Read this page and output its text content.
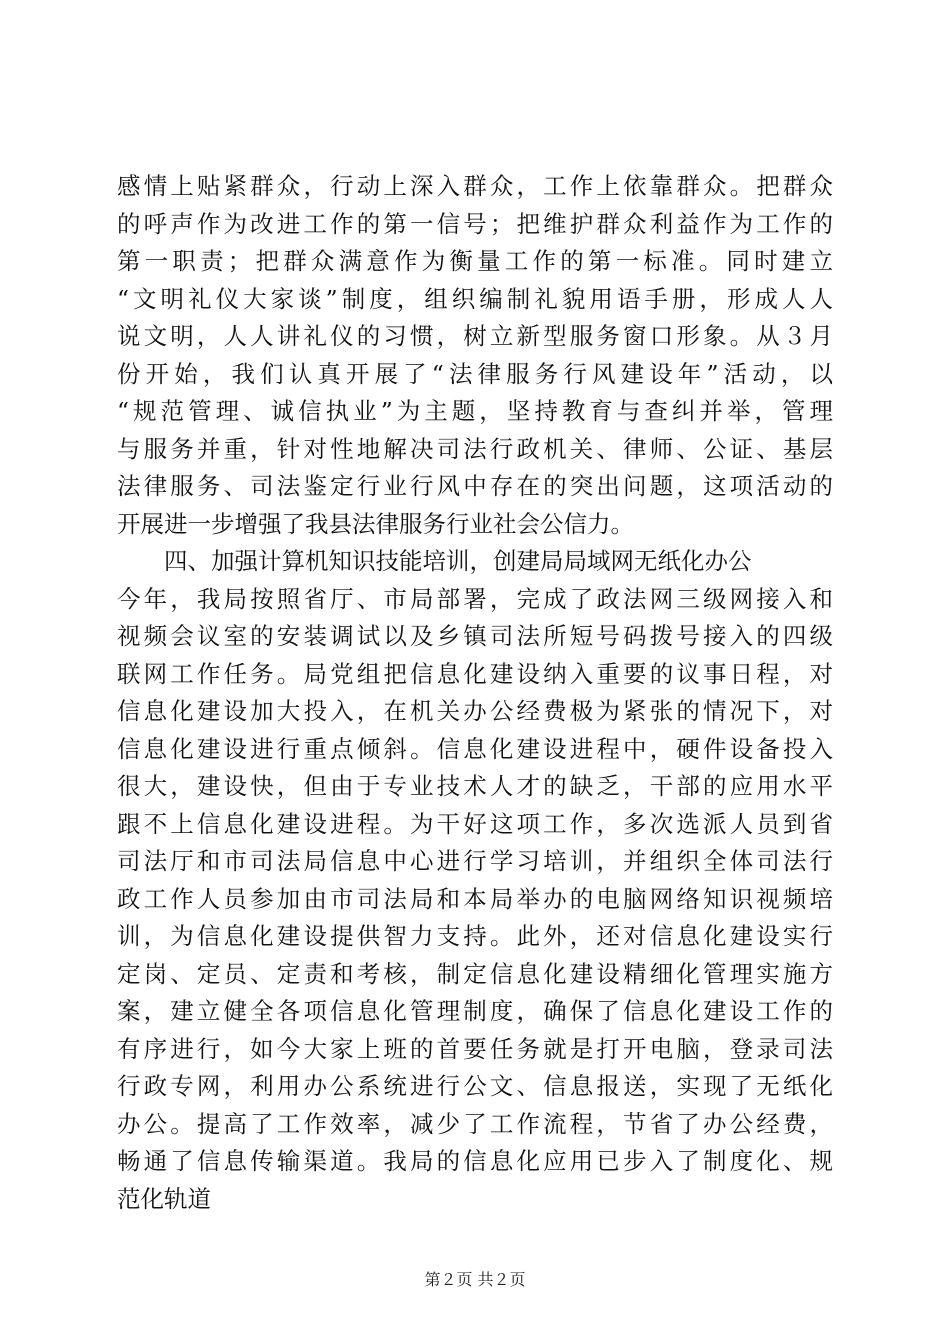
感情上贴紧群众，行动上深入群众，工作上依靠群众。把群众
的呼声作为改进工作的第一信号；把维护群众利益作为工作的
第一职责；把群众满意作为衡量工作的第一标准。同时建立
“文明礼仪大家谈”制度，组织编制礼貌用语手册，形成人人
说文明，人人讲礼仪的习惯，树立新型服务窗口形象。从３月
份开始，我们认真开展了“法律服务行风建设年”活动，以
“规范管理、诚信执业”为主题，坚持教育与查纠并举，管理
与服务并重，针对性地解决司法行政机关、律师、公证、基层
法律服务、司法鉴定行业行风中存在的突出问题，这项活动的
开展进一步增强了我县法律服务行业社会公信力。
四、加强计算机知识技能培训，创建局局域网无纸化办公
今年，我局按照省厅、市局部署，完成了政法网三级网接入和
视频会议室的安装调试以及乡镇司法所短号码拨号接入的四级
联网工作任务。局党组把信息化建设纳入重要的议事日程，对
信息化建设加大投入，在机关办公经费极为紧张的情况下，对
信息化建设进行重点倾斜。信息化建设进程中，硬件设备投入
很大，建设快，但由于专业技术人才的缺乏，干部的应用水平
跟不上信息化建设进程。为干好这项工作，多次选派人员到省
司法厅和市司法局信息中心进行学习培训，并组织全体司法行
政工作人员参加由市司法局和本局举办的电脑网络知识视频培
训，为信息化建设提供智力支持。此外，还对信息化建设实行
定岗、定员、定责和考核，制定信息化建设精细化管理实施方
案，建立健全各项信息化管理制度，确保了信息化建设工作的
有序进行，如今大家上班的首要任务就是打开电脑，登录司法
行政专网，利用办公系统进行公文、信息报送，实现了无纸化
办公。提高了工作效率，减少了工作流程，节省了办公经费，
畅通了信息传输渠道。我局的信息化应用已步入了制度化、规
范化轨道
第２页 共２页
